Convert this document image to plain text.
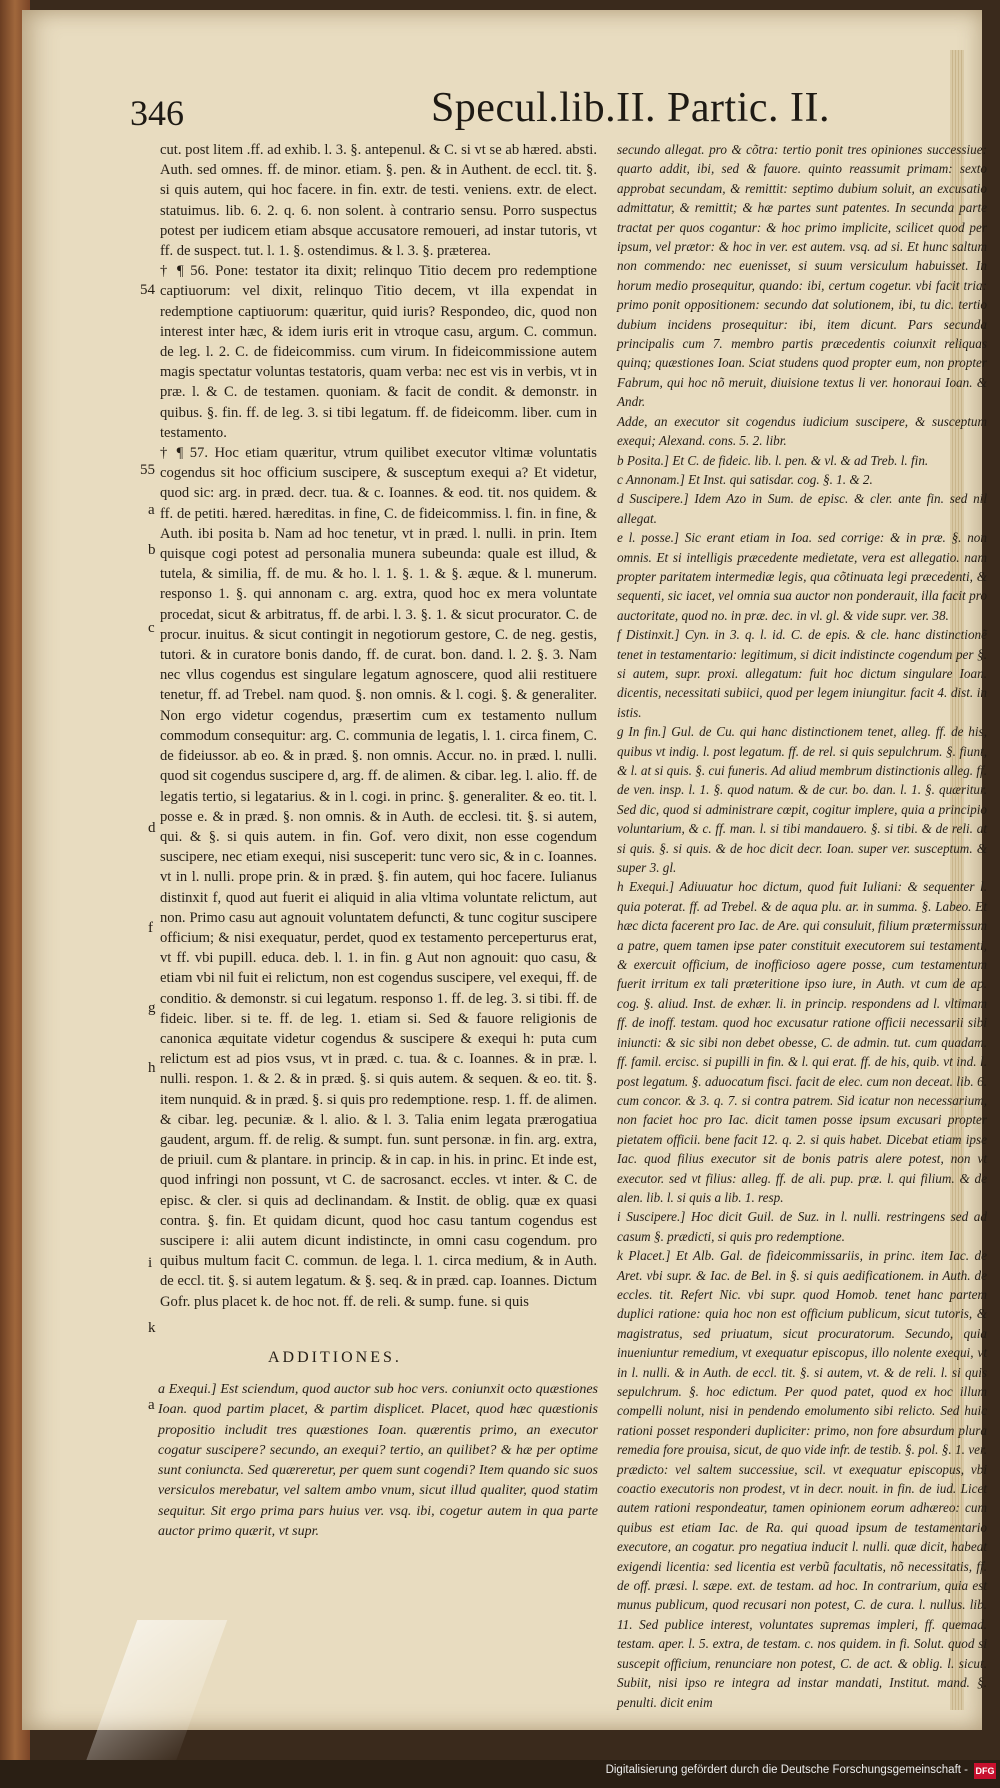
346	Specul.lib.II. Partic. II.
54
55
a
b
c
d
f
g
h
i
k
a

cut. post litem .ff. ad exhib. l. 3. §. antepenul. & C. si vt se ab hæred. absti. Auth. sed omnes. ff. de minor. etiam. §. pen. & in Authent. de eccl. tit. §. si quis autem, qui hoc facere. in fin. extr. de testi. veniens. extr. de elect. statuimus. lib. 6. 2. q. 6. non solent. à contrario sensu. Porro suspectus potest per iudicem etiam absque accusatore remoueri, ad instar tutoris, vt ff. de suspect. tut. l. 1. §. ostendimus. & l. 3. §. præterea.

† ¶ 56. Pone: testator ita dixit; relinquo Titio decem pro redemptione captiuorum: vel dixit, relinquo Titio decem, vt illa expendat in redemptione captiuorum: quæritur, quid iuris? Respondeo, dic, quod non interest inter hæc, & idem iuris erit in vtroque casu, argum. C. commun. de leg. l. 2. C. de fideicommiss. cum virum. In fideicommissione autem magis spectatur voluntas testatoris, quam verba: nec est vis in verbis, vt in præ. l. & C. de testamen. quoniam. & facit de condit. & demonstr. in quibus. §. fin. ff. de leg. 3. si tibi legatum. ff. de fideicomm. liber. cum in testamento.

† ¶ 57. Hoc etiam quæritur, vtrum quilibet executor vltimæ voluntatis cogendus sit hoc officium suscipere, & susceptum exequi a? Et videtur, quod sic: arg. in præd. decr. tua. & c. Ioannes. & eod. tit. nos quidem. & ff. de petiti. hæred. hæreditas. in fine, C. de fideicommiss. l. fin. in fine, & Auth. ibi posita b. Nam ad hoc tenetur, vt in præd. l. nulli. in prin. Item quisque cogi potest ad personalia munera subeunda: quale est illud, & tutela, & similia, ff. de mu. & ho. l. 1. §. 1. & §. æque. & l. munerum. responso 1. §. qui annonam c. arg. extra, quod hoc ex mera voluntate procedat, sicut & arbitratus, ff. de arbi. l. 3. §. 1. & sicut procurator. C. de procur. inuitus. & sicut contingit in negotiorum gestore, C. de neg. gestis, tutori. & in curatore bonis dando, ff. de curat. bon. dand. l. 2. §. 3. Nam nec vllus cogendus est singulare legatum agnoscere, quod alii restituere tenetur, ff. ad Trebel. nam quod. §. non omnis. & l. cogi. §. & generaliter. Non ergo videtur cogendus, præsertim cum ex testamento nullum commodum consequitur: arg. C. communia de legatis, l. 1. circa finem, C. de fideiussor. ab eo. & in præd. §. non omnis. Accur. no. in præd. l. nulli. quod sit cogendus suscipere d, arg. ff. de alimen. & cibar. leg. l. alio. ff. de legatis tertio, si legatarius. & in l. cogi. in princ. §. generaliter. & eo. tit. l. posse e. & in præd. §. non omnis. & in Auth. de ecclesi. tit. §. si autem, qui. & §. si quis autem. in fin. Gof. vero dixit, non esse cogendum suscipere, nec etiam exequi, nisi susceperit: tunc vero sic, & in c. Ioannes. vt in l. nulli. prope prin. & in præd. §. fin autem, qui hoc facere. Iulianus distinxit f, quod aut fuerit ei aliquid in alia vltima voluntate relictum, aut non. Primo casu aut agnouit voluntatem defuncti, & tunc cogitur suscipere officium; & nisi exequatur, perdet, quod ex testamento perceperturus erat, vt ff. vbi pupill. educa. deb. l. 1. in fin. g Aut non agnouit: quo casu, & etiam vbi nil fuit ei relictum, non est cogendus suscipere, vel exequi, ff. de conditio. & demonstr. si cui legatum. responso 1. ff. de leg. 3. si tibi. ff. de fideic. liber. si te. ff. de leg. 1. etiam si. Sed & fauore religionis de canonica æquitate videtur cogendus & suscipere & exequi h: puta cum relictum est ad pios vsus, vt in præd. c. tua. & c. Ioannes. & in præ. l. nulli. respon. 1. & 2. & in præd. §. si quis autem. & sequen. & eo. tit. §. item nunquid. & in præd. §. si quis pro redemptione. resp. 1. ff. de alimen. & cibar. leg. pecuniæ. & l. alio. & l. 3. Talia enim legata prærogatiua gaudent, argum. ff. de relig. & sumpt. fun. sunt personæ. in fin. arg. extra, de priuil. cum & plantare. in princip. & in cap. in his. in princ. Et inde est, quod infringi non possunt, vt C. de sacrosanct. eccles. vt inter. & C. de episc. & cler. si quis ad declinandam. & Instit. de oblig. quæ ex quasi contra. §. fin. Et quidam dicunt, quod hoc casu tantum cogendus est suscipere i: alii autem dicunt indistincte, in omni casu cogendum. pro quibus multum facit C. commun. de lega. l. 1. circa medium, & in Auth. de eccl. tit. §. si autem legatum. & §. seq. & in præd. cap. Ioannes. Dictum Gofr. plus placet k. de hoc not. ff. de reli. & sump. fune. si quis

ADDITIONES.

a Exequi.] Est sciendum, quod auctor sub hoc vers. coniunxit octo quæstiones Ioan. quod partim placet, & partim displicet. Placet, quod hæc quæstionis propositio includit tres quæstiones Ioan. quærentis primo, an executor cogatur suscipere? secundo, an exequi? tertio, an quilibet? & hæ per optime sunt coniuncta. Sed quæreretur, per quem sunt cogendi? Item quando sic suos versiculos merebatur, vel saltem ambo vnum, sicut illud qualiter, quod statim sequitur. Sit ergo prima pars huius ver. vsq. ibi, cogetur autem in qua parte auctor primo quærit, vt supr.

secundo allegat. pro & cõtra: tertio ponit tres opiniones successiue: quarto addit, ibi, sed & fauore. quinto reassumit primam: sexto approbat secundam, & remittit: septimo dubium soluit, an excusatio admittatur, & remittit; & hæ partes sunt patentes. In secunda parte tractat per quos cogantur: & hoc primo implicite, scilicet quod per ipsum, vel prætor: & hoc in ver. est autem. vsq. ad si. Et hunc saltum non commendo: nec euenisset, si suum versiculum habuisset. In horum medio prosequitur, quando: ibi, certum cogetur. vbi facit tria: primo ponit oppositionem: secundo dat solutionem, ibi, tu dic. tertio dubium incidens prosequitur: ibi, item dicunt. Pars secunda principalis cum 7. membro partis præcedentis coiunxit reliquas quinq; quæstiones Ioan. Sciat studens quod propter eum, non propter Fabrum, qui hoc nõ meruit, diuisione textus li ver. honoraui Ioan. & Andr.

Adde, an executor sit cogendus iudicium suscipere, & susceptum exequi; Alexand. cons. 5. 2. libr.

b Posita.] Et C. de fideic. lib. l. pen. & vl. & ad Treb. l. fin.

c Annonam.] Et Inst. qui satisdar. cog. §. 1. & 2.

d Suscipere.] Idem Azo in Sum. de episc. & cler. ante fin. sed nil allegat.

e l. posse.] Sic erant etiam in Ioa. sed corrige: & in præ. §. non omnis. Et si intelligis præcedente medietate, vera est allegatio. nam propter paritatem intermediæ legis, qua cõtinuata legi præcedenti, & sequenti, sic iacet, vel omnia sua auctor non ponderauit, illa facit pro auctoritate, quod no. in præ. dec. in vl. gl. & vide supr. ver. 38.

f Distinxit.] Cyn. in 3. q. l. id. C. de epis. & cle. hanc distinctionẽ tenet in testamentario: legitimum, si dicit indistincte cogendum per §. si autem, supr. proxi. allegatum: fuit hoc dictum singulare Ioan. dicentis, necessitati subiici, quod per legem iniungitur. facit 4. dist. in istis.

g In fin.] Gul. de Cu. qui hanc distinctionem tenet, alleg. ff. de his, quibus vt indig. l. post legatum. ff. de rel. si quis sepulchrum. §. fiunt, & l. at si quis. §. cui funeris. Ad aliud membrum distinctionis alleg. ff. de ven. insp. l. 1. §. quod natum. & de cur. bo. dan. l. 1. §. quæritur. Sed dic, quod si administrare cœpit, cogitur implere, quia a principio voluntarium, & c. ff. man. l. si tibi mandauero. §. si tibi. & de reli. at si quis. §. si quis. & de hoc dicit decr. Ioan. super ver. susceptum. & super 3. gl.

h Exequi.] Adiuuatur hoc dictum, quod fuit Iuliani: & sequenter l. quia poterat. ff. ad Trebel. & de aqua plu. ar. in summa. §. Labeo. Et hæc dicta facerent pro Iac. de Are. qui consuluit, filium prætermissum a patre, quem tamen ipse pater constituit executorem sui testamenti, & exercuit officium, de inofficioso agere posse, cum testamentum fuerit irritum ex tali præteritione ipso iure, in Auth. vt cum de ap. cog. §. aliud. Inst. de exhær. li. in princip. respondens ad l. vltimam ff. de inoff. testam. quod hoc excusatur ratione officii necessarii sibi iniuncti: & sic sibi non debet obesse, C. de admin. tut. cum quadam. ff. famil. ercisc. si pupilli in fin. & l. qui erat. ff. de his, quib. vt ind. l. post legatum. §. aduocatum fisci. facit de elec. cum non deceat. lib. 6. cum concor. & 3. q. 7. si contra patrem. Sid icatur non necessarium, non faciet hoc pro Iac. dicit tamen posse ipsum excusari propter pietatem officii. bene facit 12. q. 2. si quis habet. Dicebat etiam ipse Iac. quod filius executor sit de bonis patris alere potest, non vt executor. sed vt filius: alleg. ff. de ali. pup. præ. l. qui filium. & de alen. lib. l. si quis a lib. 1. resp.

i Suscipere.] Hoc dicit Guil. de Suz. in l. nulli. restringens sed ad casum §. prædicti, si quis pro redemptione.

k Placet.] Et Alb. Gal. de fideicommissariis, in princ. item Iac. de Aret. vbi supr. & Iac. de Bel. in §. si quis aedificationem. in Auth. de eccles. tit. Refert Nic. vbi supr. quod Homob. tenet hanc partem duplici ratione: quia hoc non est officium publicum, sicut tutoris, & magistratus, sed priuatum, sicut procuratorum. Secundo, quia inueniuntur remedium, vt exequatur episcopus, illo nolente exequi, vt in l. nulli. & in Auth. de eccl. tit. §. si autem, vt. & de reli. l. si quis sepulchrum. §. hoc edictum. Per quod patet, quod ex hoc illum compelli nolunt, nisi in pendendo emolumento sibi relicto. Sed huic rationi posset responderi dupliciter: primo, non fore absurdum plura remedia fore prouisa, sicut, de quo vide infr. de testib. §. pol. §. 1. ver. prædicto: vel saltem successiue, scil. vt exequatur episcopus, vbi coactio executoris non prodest, vt in decr. nouit. in fin. de iud. Licet autem rationi respondeatur, tamen opinionem eorum adhæreo: cum quibus est etiam Iac. de Ra. qui quoad ipsum de testamentario executore, an cogatur. pro negatiua inducit l. nulli. quæ dicit, habeat exigendi licentia: sed licentia est verbũ facultatis, nõ necessitatis, ff. de off. præsi. l. sæpe. ext. de testam. ad hoc. In contrarium, quia est munus publicum, quod recusari non potest, C. de cura. l. nullus. lib. 11. Sed publice interest, voluntates supremas impleri, ff. quemad. testam. aper. l. 5. extra, de testam. c. nos quidem. in fi. Solut. quod si suscepit officium, renunciare non potest, C. de act. & oblig. l. sicut. Subiit, nisi ipso re integra ad instar mandati, Institut. mand. §. penulti. dicit enim

Digitalisierung gefördert durch die Deutsche Forschungsgemeinschaft - DFG
